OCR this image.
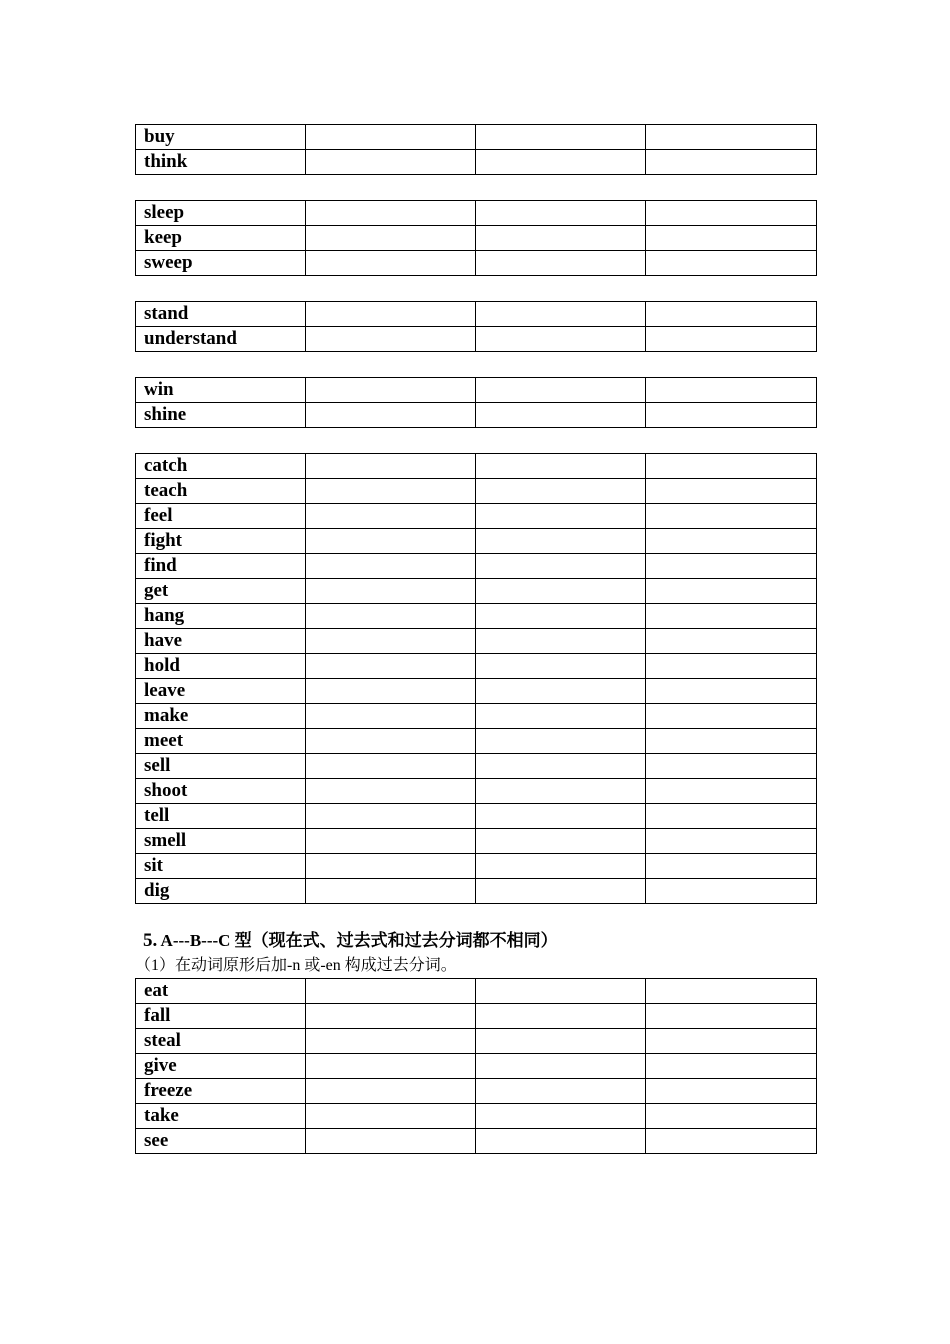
buy			
think			
sleep			
keep			
sweep			
stand			
understand			
win			
shine			
catch			
teach			
feel			
fight			
find			
get			
hang			
have			
hold			
leave			
make			
meet			
sell			
shoot			
tell			
smell			
sit			
dig			
5. A---B---C 型（现在式、过去式和过去分词都不相同）
（1）在动词原形后加-n 或-en 构成过去分词。
eat			
fall			
steal			
give			
freeze			
take			
see			
